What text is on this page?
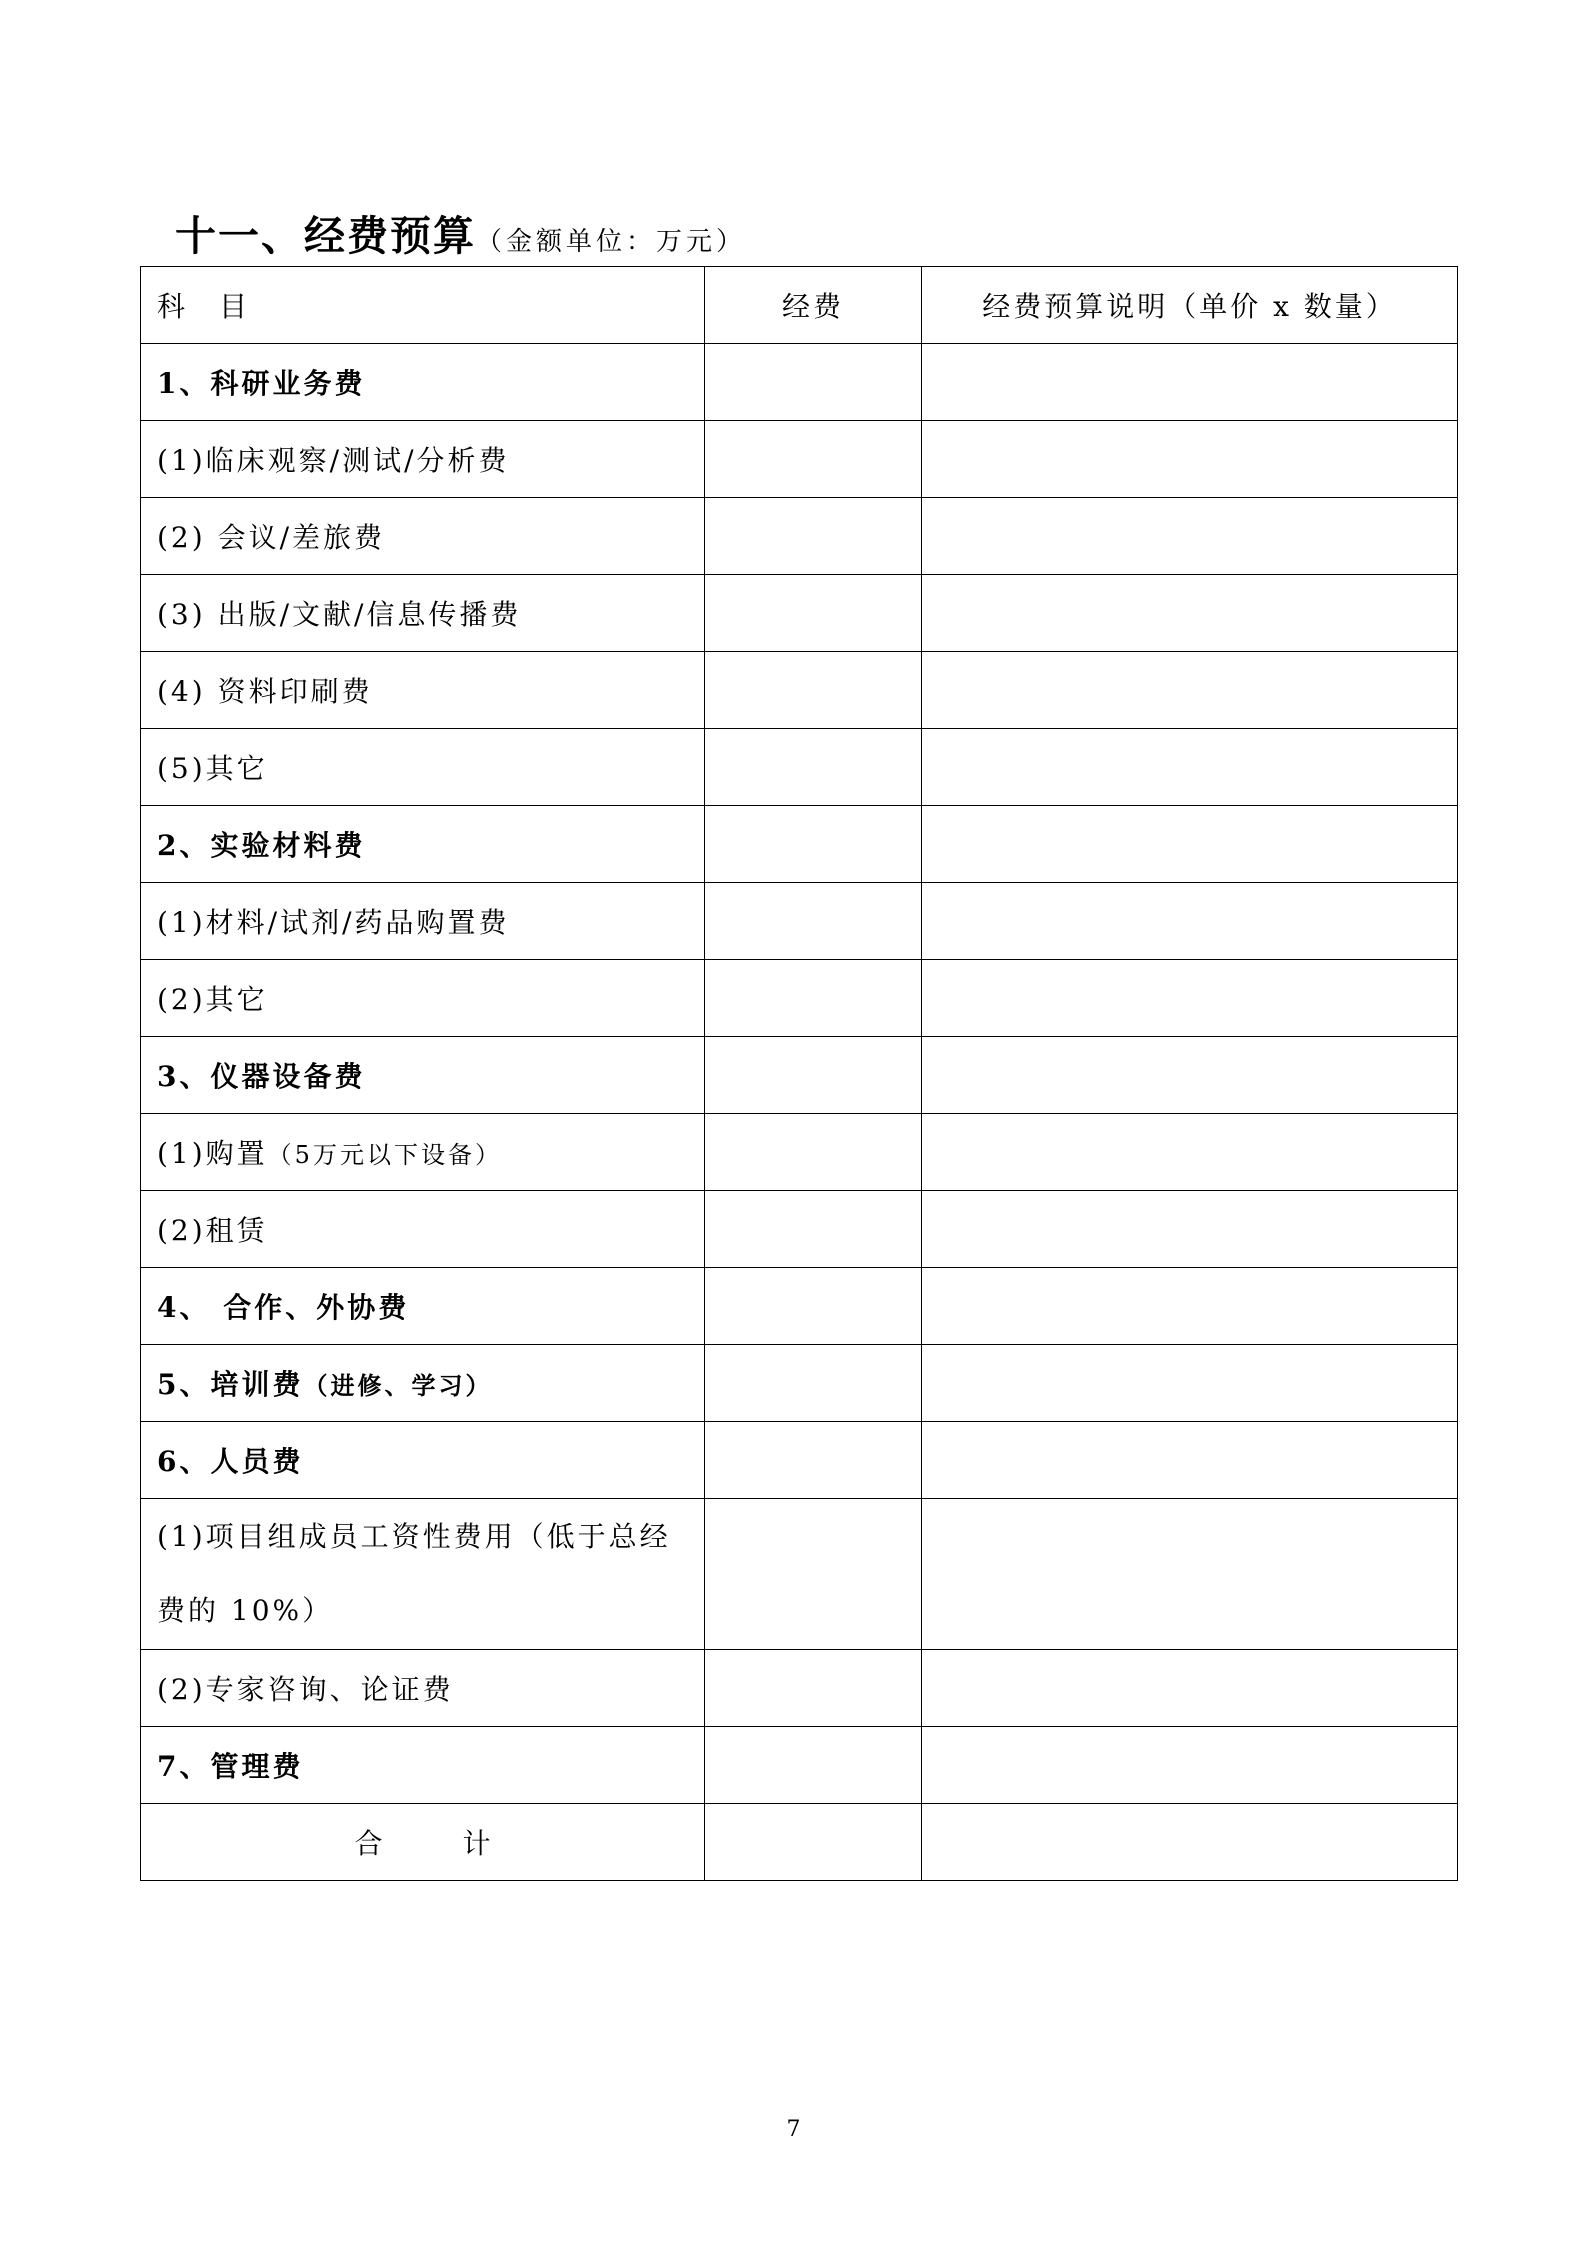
十一、经费预算（金额单位：万元）
科　目	经费	经费预算说明（单价 x 数量）
1、科研业务费		
(1)临床观察/测试/分析费		
(2) 会议/差旅费		
(3) 出版/文献/信息传播费		
(4) 资料印刷费		
(5)其它		
2、实验材料费		
(1)材料/试剂/药品购置费		
(2)其它		
3、仪器设备费		
(1)购置（5万元以下设备）		
(2)租赁		
4、 合作、外协费		
5、培训费（进修、学习）		
6、人员费		
(1)项目组成员工资性费用（低于总经费的 10%）		
(2)专家咨询、论证费		
7、管理费		
合计		
7
